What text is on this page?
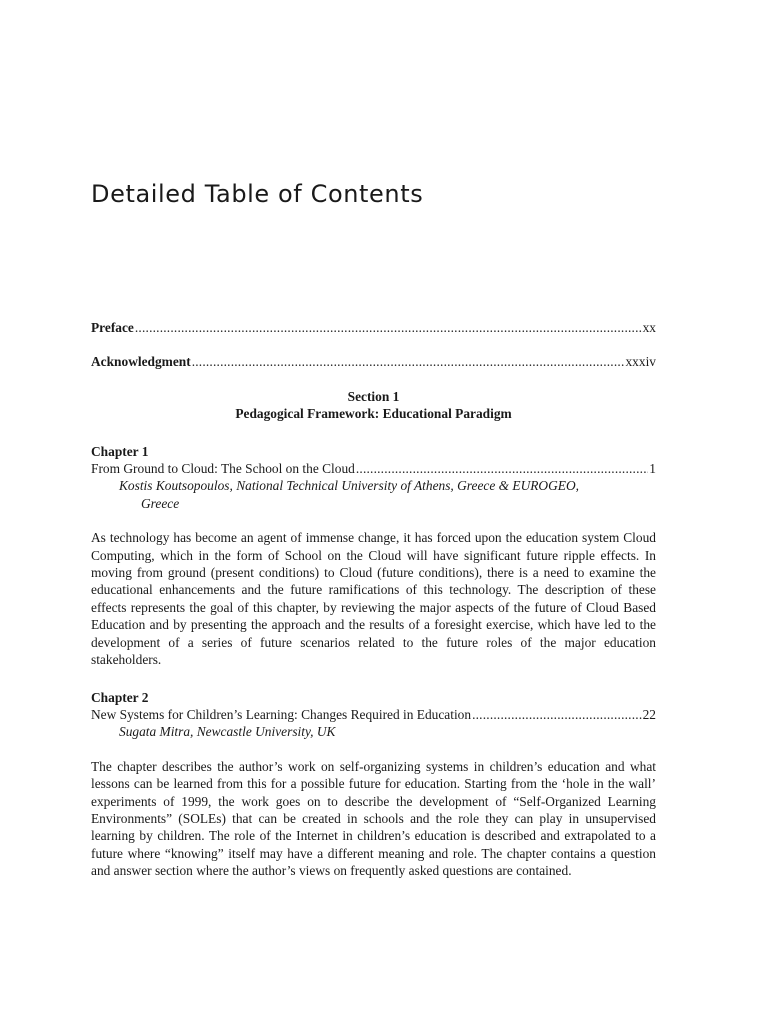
Detailed Table of Contents
Preface .....	xx
Acknowledgment .....	xxxiv
Section 1
Pedagogical Framework: Educational Paradigm
Chapter 1
From Ground to Cloud: The School on the Cloud .....	1
Kostis Koutsopoulos, National Technical University of Athens, Greece & EUROGEO,
Greece

As technology has become an agent of immense change, it has forced upon the education system Cloud Computing, which in the form of School on the Cloud will have significant future ripple effects. In moving from ground (present conditions) to Cloud (future conditions), there is a need to examine the educational enhancements and the future ramifications of this technology. The description of these effects represents the goal of this chapter, by reviewing the major aspects of the future of Cloud Based Education and by presenting the approach and the results of a foresight exercise, which have led to the development of a series of future scenarios related to the future roles of the major education stakeholders.

Chapter 2
New Systems for Children’s Learning: Changes Required in Education .....	22
Sugata Mitra, Newcastle University, UK

The chapter describes the author’s work on self-organizing systems in children’s education and what lessons can be learned from this for a possible future for education. Starting from the ‘hole in the wall’ experiments of 1999, the work goes on to describe the development of “Self-Organized Learning Environments” (SOLEs) that can be created in schools and the role they can play in unsupervised learning by children. The role of the Internet in children’s education is described and extrapolated to a future where “knowing” itself may have a different meaning and role. The chapter contains a question and answer section where the author’s views on frequently asked questions are contained.
